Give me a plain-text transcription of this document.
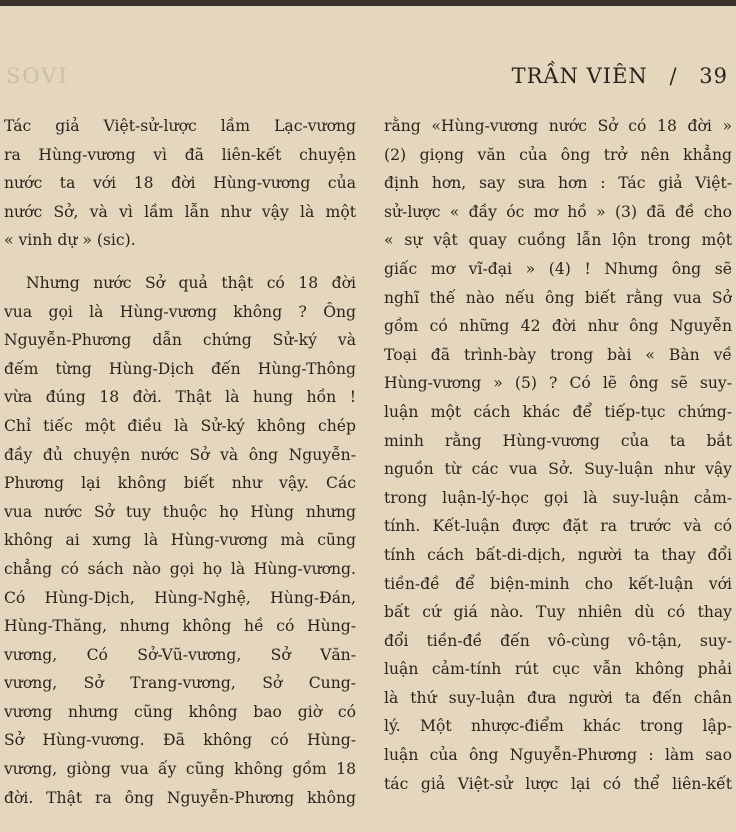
SOVI	TRẦN VIÊN / 39
Tác giả Việt-sử-lược lầm Lạc-vương
ra Hùng-vương vì đã liên-kết chuyện
nước ta với 18 đời Hùng-vương của
nước Sở, và vì lầm lẫn như vậy là một
« vinh dự » (sic).
Nhưng nước Sở quả thật có 18 đời
vua gọi là Hùng-vương không ? Ông
Nguyễn-Phương dẫn chứng Sử-ký và
đếm từng Hùng-Dịch đến Hùng-Thông
vừa đúng 18 đời. Thật là hung hồn !
Chỉ tiếc một điều là Sử-ký không chép
đầy đủ chuyện nước Sở và ông Nguyễn-
Phương lại không biết như vậy. Các
vua nước Sở tuy thuộc họ Hùng nhưng
không ai xưng là Hùng-vương mà cũng
chẳng có sách nào gọi họ là Hùng-vương.
Có Hùng-Dịch, Hùng-Nghệ, Hùng-Đán,
Hùng-Thăng, nhưng không hề có Hùng-
vương, Có Sở-Vũ-vương, Sở Văn-
vương, Sở Trang-vương, Sở Cung-
vương nhưng cũng không bao giờ có
Sở Hùng-vương. Đã không có Hùng-
vương, giòng vua ấy cũng không gồm 18
đời. Thật ra ông Nguyễn-Phương không
rằng «Hùng-vương nước Sở có 18 đời »
(2) giọng văn của ông trở nên khẳng
định hơn, say sưa hơn : Tác giả Việt-
sử-lược « đầy óc mơ hồ » (3) đã đề cho
« sự vật quay cuồng lẫn lộn trong một
giấc mơ vĩ-đại » (4) ! Nhưng ông sẽ
nghĩ thế nào nếu ông biết rằng vua Sở
gồm có những 42 đời như ông Nguyễn
Toại đã trình-bày trong bài « Bàn về
Hùng-vương » (5) ? Có lẽ ông sẽ suy-
luận một cách khác để tiếp-tục chứng-
minh rằng Hùng-vương của ta bắt
nguồn từ các vua Sở. Suy-luận như vậy
trong luận-lý-học gọi là suy-luận cảm-
tính. Kết-luận được đặt ra trước và có
tính cách bất-di-dịch, người ta thay đổi
tiền-đề để biện-minh cho kết-luận với
bất cứ giá nào. Tuy nhiên dù có thay
đổi tiền-đề đến vô-cùng vô-tận, suy-
luận cảm-tính rút cục vẫn không phải
là thứ suy-luận đưa người ta đến chân
lý. Một nhược-điểm khác trong lập-
luận của ông Nguyễn-Phương : làm sao
tác giả Việt-sử lược lại có thể liên-kết
